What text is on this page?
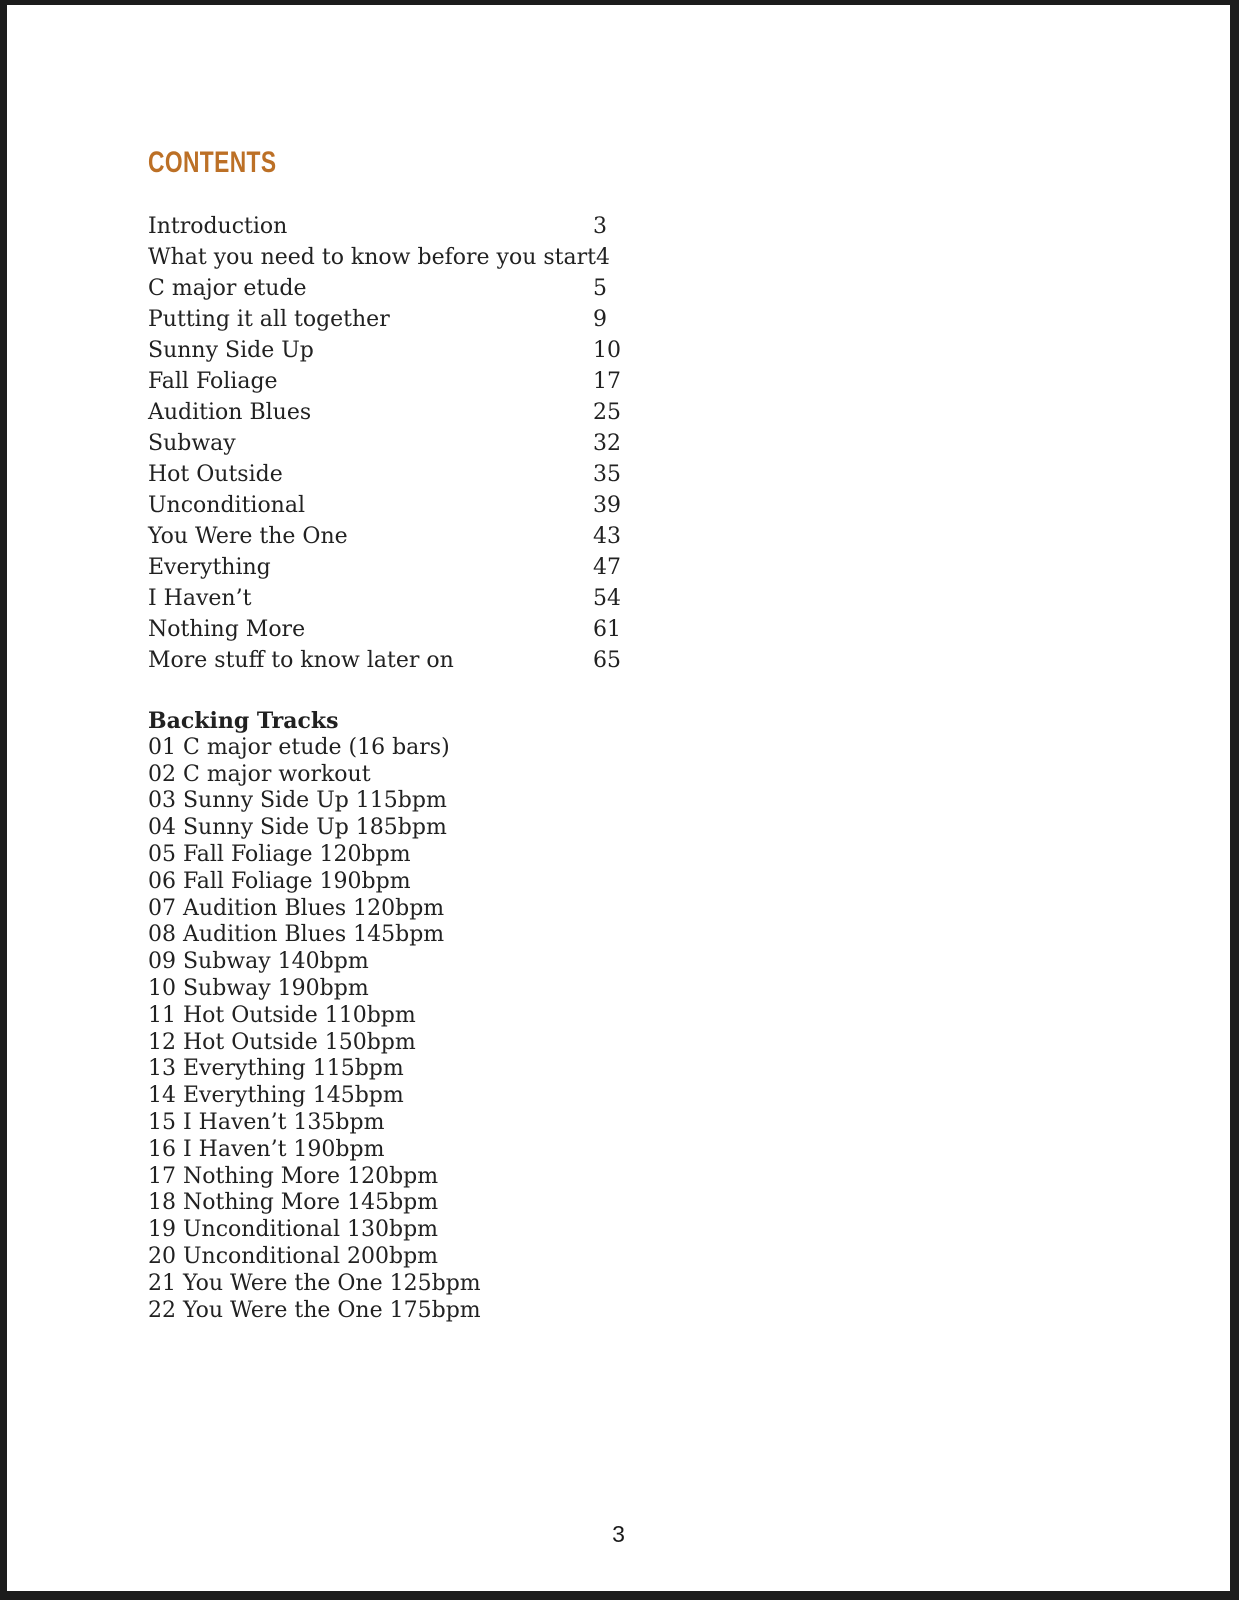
CONTENTS
Introduction	3
What you need to know before you start 4
C major etude	5
Putting it all together	9
Sunny Side Up	10
Fall Foliage	17
Audition Blues	25
Subway	32
Hot Outside	35
Unconditional	39
You Were the One	43
Everything	47
I Haven’t	54
Nothing More	61
More stuff to know later on	65
Backing Tracks
01 C major etude (16 bars)
02 C major workout
03 Sunny Side Up 115bpm
04 Sunny Side Up 185bpm
05 Fall Foliage 120bpm
06 Fall Foliage 190bpm
07 Audition Blues 120bpm
08 Audition Blues 145bpm
09 Subway 140bpm
10 Subway 190bpm
11 Hot Outside 110bpm
12 Hot Outside 150bpm
13 Everything 115bpm
14 Everything 145bpm
15 I Haven’t 135bpm
16 I Haven’t 190bpm
17 Nothing More 120bpm
18 Nothing More 145bpm
19 Unconditional 130bpm
20 Unconditional 200bpm
21 You Were the One 125bpm
22 You Were the One 175bpm
3
